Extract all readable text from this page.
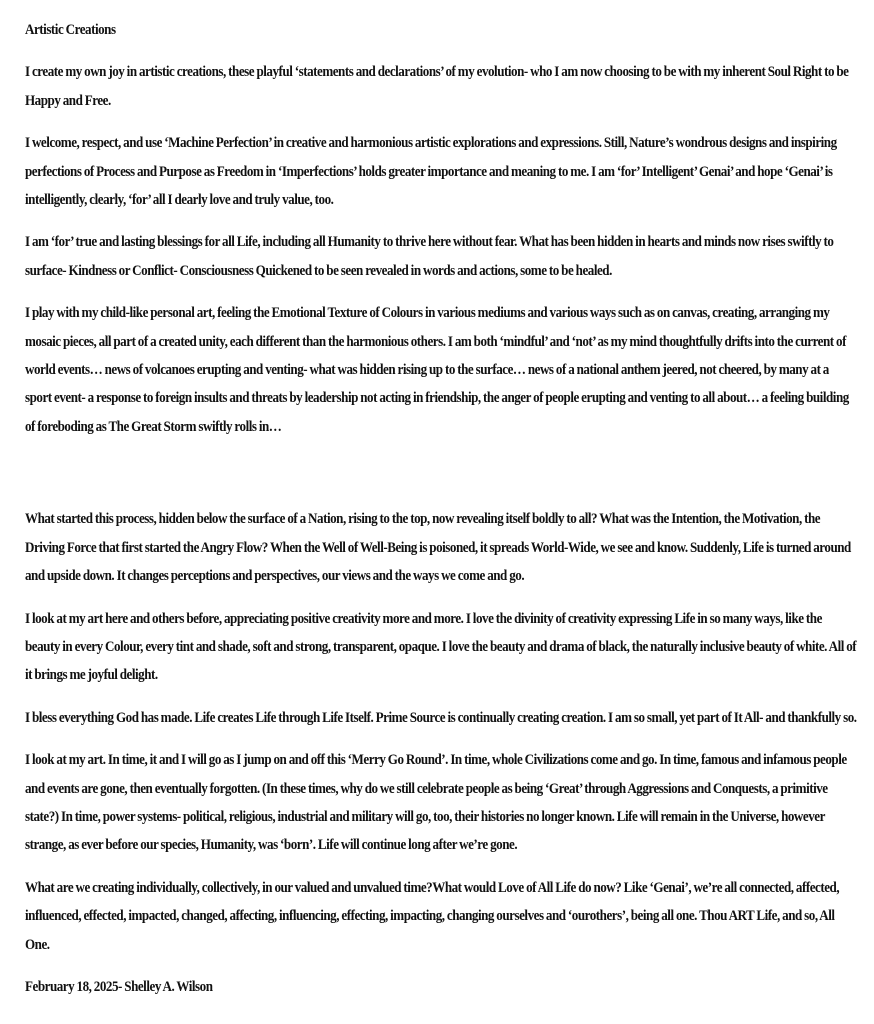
Artistic Creations

I create my own joy in artistic creations, these playful ‘statements and declarations’ of my evolution- who I am now choosing to be with my inherent Soul Right to be Happy and Free.

I welcome, respect, and use ‘Machine Perfection’ in creative and harmonious artistic explorations and expressions. Still, Nature’s wondrous designs and inspiring perfections of Process and Purpose as Freedom in ‘Imperfections’ holds greater importance and meaning to me. I am ‘for’ Intelligent’ Genai’ and hope ‘Genai’ is intelligently, clearly, ‘for’ all I dearly love and truly value, too.

I am ‘for’ true and lasting blessings for all Life, including all Humanity to thrive here without fear. What has been hidden in hearts and minds now rises swiftly to surface- Kindness or Conflict- Consciousness Quickened to be seen revealed in words and actions, some to be healed.

I play with my child-like personal art, feeling the Emotional Texture of Colours in various mediums and various ways such as on canvas, creating, arranging my mosaic pieces, all part of a created unity, each different than the harmonious others. I am both ‘mindful’ and ‘not’ as my mind thoughtfully drifts into the current of world events… news of volcanoes erupting and venting- what was hidden rising up to the surface… news of a national anthem jeered, not cheered, by many at a sport event- a response to foreign insults and threats by leadership not acting in friendship, the anger of people erupting and venting to all about… a feeling building of foreboding as The Great Storm swiftly rolls in…

What started this process, hidden below the surface of a Nation, rising to the top, now revealing itself boldly to all? What was the Intention, the Motivation, the Driving Force that first started the Angry Flow? When the Well of Well-Being is poisoned, it spreads World-Wide, we see and know. Suddenly, Life is turned around and upside down. It changes perceptions and perspectives, our views and the ways we come and go.

I look at my art here and others before, appreciating positive creativity more and more. I love the divinity of creativity expressing Life in so many ways, like the beauty in every Colour, every tint and shade, soft and strong, transparent, opaque. I love the beauty and drama of black, the naturally inclusive beauty of white. All of it brings me joyful delight.

I bless everything God has made. Life creates Life through Life Itself. Prime Source is continually creating creation. I am so small, yet part of It All- and thankfully so.

I look at my art. In time, it and I will go as I jump on and off this ‘Merry Go Round’. In time, whole Civilizations come and go. In time, famous and infamous people and events are gone, then eventually forgotten. (In these times, why do we still celebrate people as being ‘Great’ through Aggressions and Conquests, a primitive state?) In time, power systems- political, religious, industrial and military will go, too, their histories no longer known. Life will remain in the Universe, however strange, as ever before our species, Humanity, was ‘born’. Life will continue long after we’re gone.

What are we creating individually, collectively, in our valued and unvalued time?What would Love of All Life do now? Like ‘Genai’, we’re all connected, affected, influenced, effected, impacted, changed, affecting, influencing, effecting, impacting, changing ourselves and ‘ourothers’, being all one. Thou ART Life, and so, All One.

February 18, 2025- Shelley A. Wilson
